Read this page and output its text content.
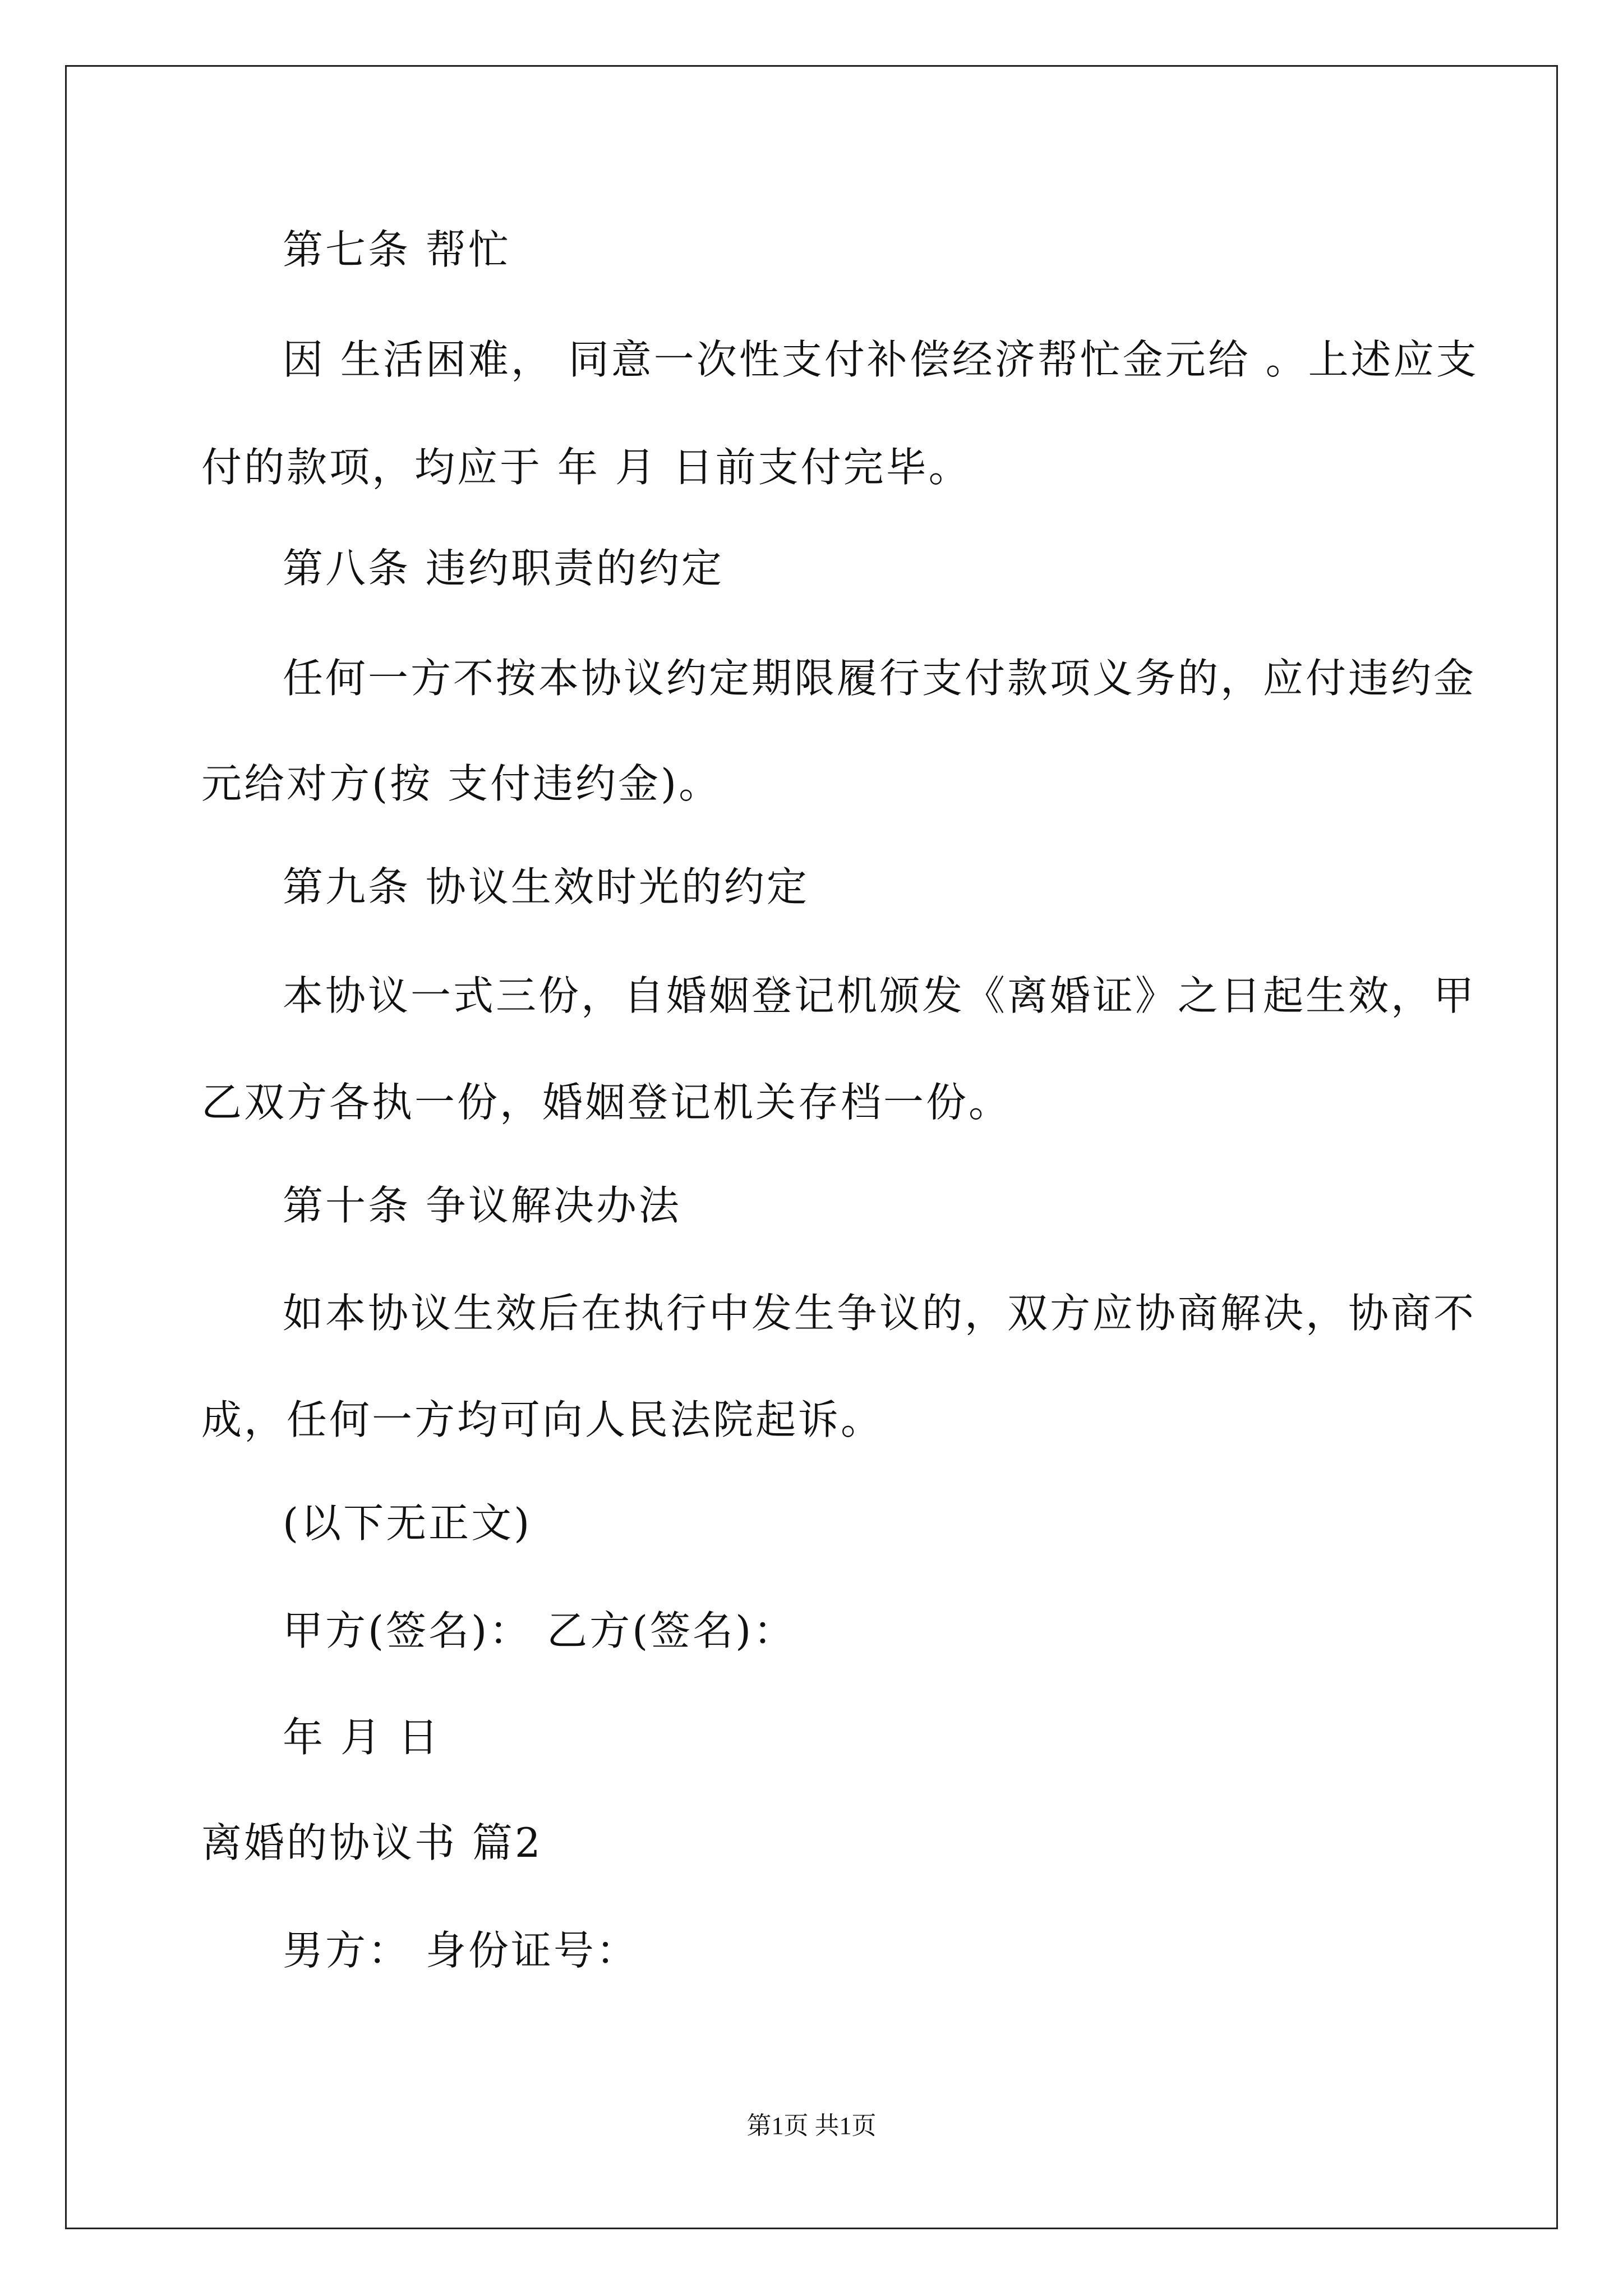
第七条 帮忙
因 生活困难， 同意一次性支付补偿经济帮忙金元给 。上述应支
付的款项，均应于 年 月 日前支付完毕。
第八条 违约职责的约定
任何一方不按本协议约定期限履行支付款项义务的，应付违约金
元给对方(按 支付违约金)。
第九条 协议生效时光的约定
本协议一式三份，自婚姻登记机颁发《离婚证》之日起生效，甲
乙双方各执一份，婚姻登记机关存档一份。
第十条 争议解决办法
如本协议生效后在执行中发生争议的，双方应协商解决，协商不
成，任何一方均可向人民法院起诉。
(以下无正文)
甲方(签名)： 乙方(签名)：
年 月 日
离婚的协议书 篇2
男方： 身份证号：
第1页 共1页
